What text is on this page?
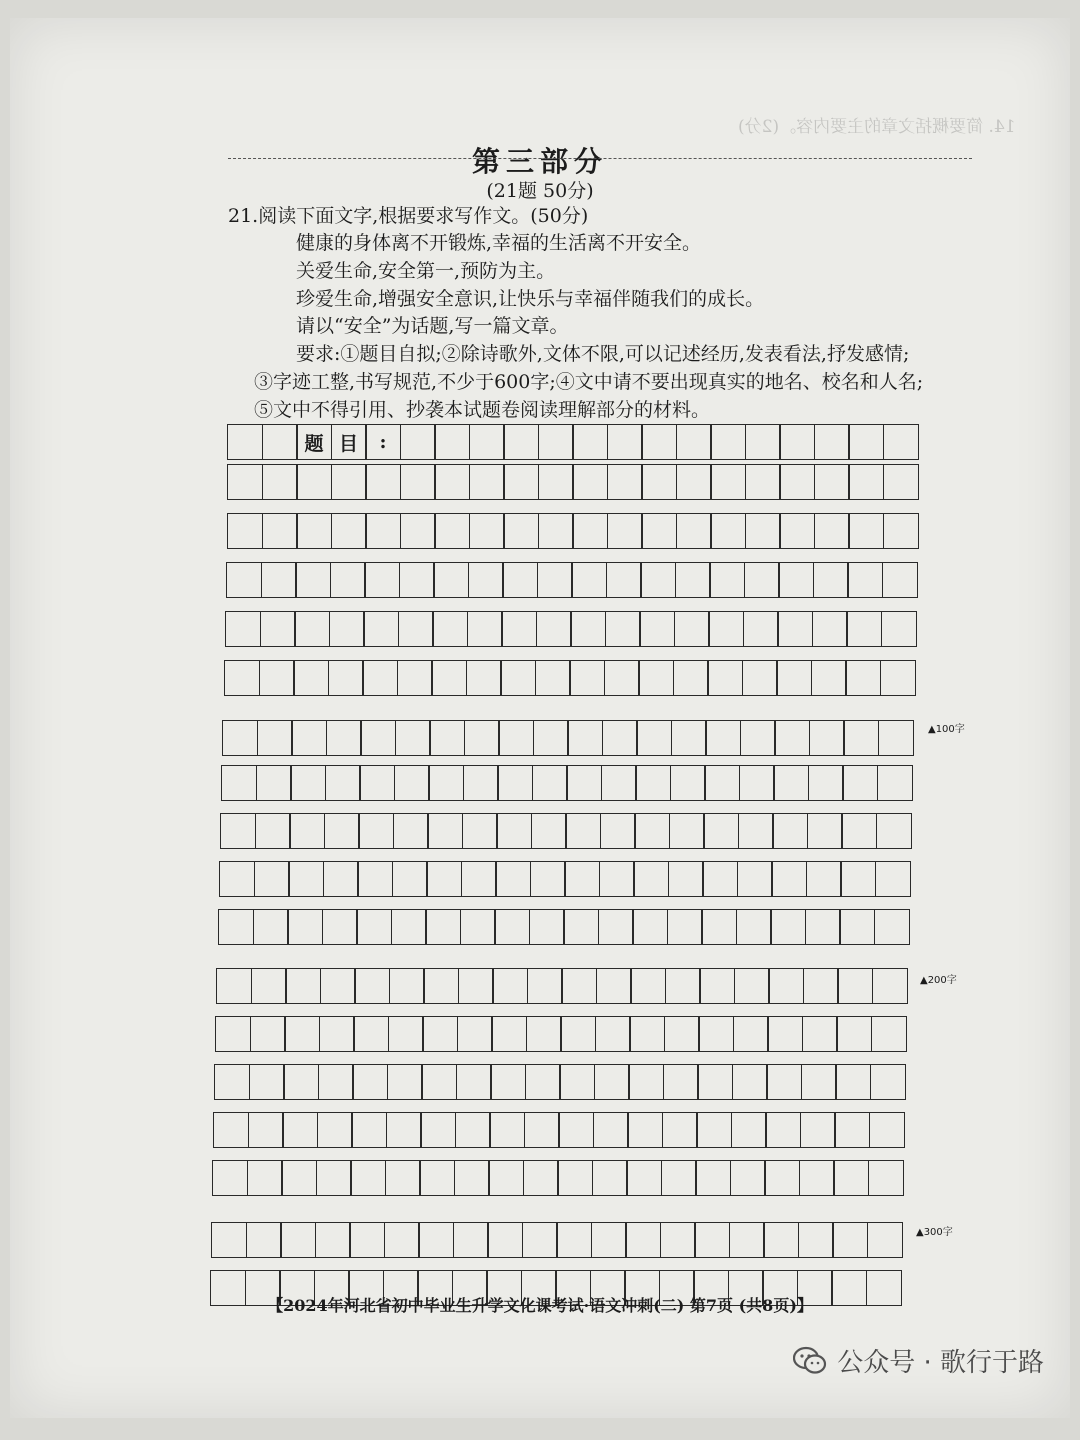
14. 简要概括文章的主要内容。(2分)
第三部分
(21题 50分)
21.阅读下面文字,根据要求写作文。(50分)
健康的身体离不开锻炼,幸福的生活离不开安全。
关爱生命,安全第一,预防为主。
珍爱生命,增强安全意识,让快乐与幸福伴随我们的成长。
请以“安全”为话题,写一篇文章。
要求:①题目自拟;②除诗歌外,文体不限,可以记述经历,发表看法,抒发感情;
③字迹工整,书写规范,不少于600字;④文中请不要出现真实的地名、校名和人名;
⑤文中不得引用、抄袭本试题卷阅读理解部分的材料。
题 目	:
▲100字
▲200字
▲300字
【2024年河北省初中毕业生升学文化课考试·语文冲刺(二) 第7页 (共8页)】
公众号 · 歌行于路
